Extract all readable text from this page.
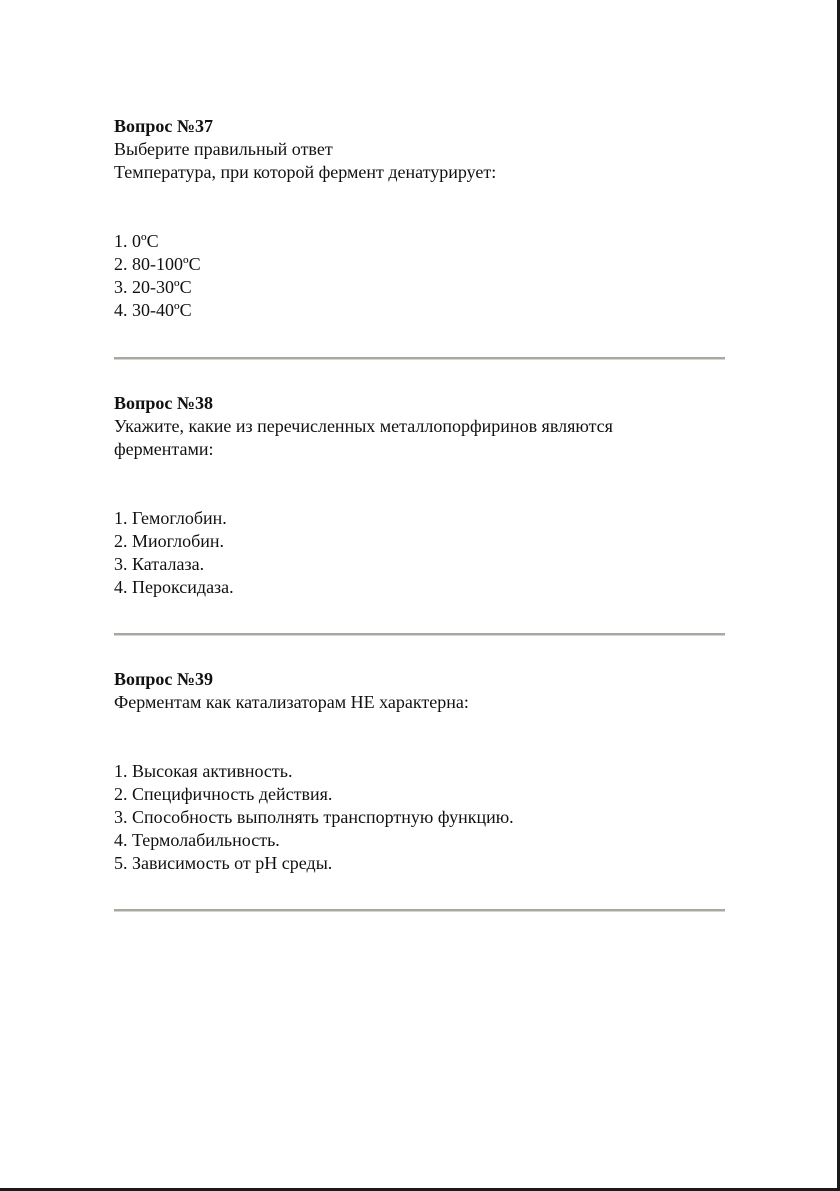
Вопрос №37

Выберите правильный ответ

Температура, при которой фермент денатурирует:

1. 0ºC
2. 80-100ºC
3. 20-30ºC
4. 30-40ºC

Вопрос №38

Укажите, какие из перечисленных металлопорфиринов являются

ферментами:

1. Гемоглобин.
2. Миоглобин.
3. Каталаза.
4. Пероксидаза.

Вопрос №39

Ферментам как катализаторам НЕ характерна:

1. Высокая активность.
2. Специфичность действия.
3. Способность выполнять транспортную функцию.
4. Термолабильность.
5. Зависимость от pH среды.
